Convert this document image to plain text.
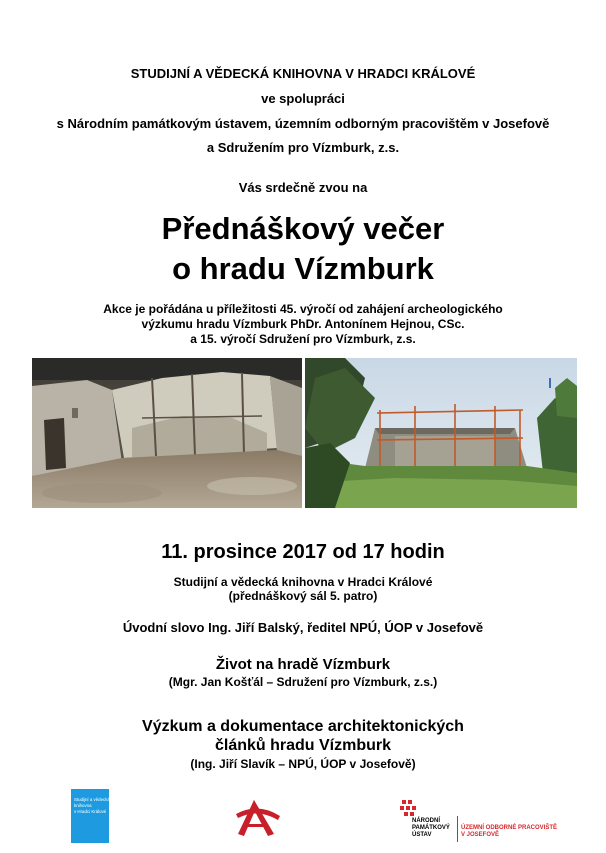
STUDIJNÍ A VĚDECKÁ KNIHOVNA V HRADCI KRÁLOVÉ
ve spolupráci
s Národním památkovým ústavem, územním odborným pracovištěm v Josefově
a Sdružením pro Vízmburk, z.s.
Vás srdečně zvou na
Přednáškový večer
o hradu Vízmburk
Akce je pořádána u příležitosti 45. výročí od zahájení archeologického
výzkumu hradu Vízmburk PhDr. Antonínem Hejnou, CSc.
a 15. výročí Sdružení pro Vízmburk, z.s.
11. prosince 2017 od 17 hodin
Studijní a vědecká knihovna v Hradci Králové
(přednáškový sál 5. patro)
Úvodní slovo Ing. Jiří Balský, ředitel NPÚ, ÚOP v Josefově
Život na hradě Vízmburk
(Mgr. Jan Košťál – Sdružení pro Vízmburk, z.s.)
Výzkum a dokumentace architektonických
článků hradu Vízmburk
(Ing. Jiří Slavík – NPÚ, ÚOP v Josefově)
Studijní a vědecká
knihovna
v Hradci Králové
NÁRODNÍ
PAMÁTKOVÝ
ÚSTAV
ÚZEMNÍ ODBORNÉ PRACOVIŠTĚ
V JOSEFOVĚ
